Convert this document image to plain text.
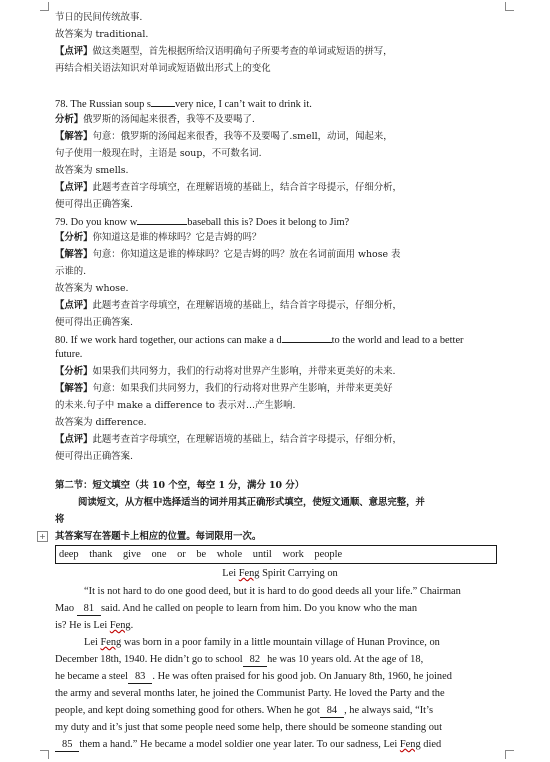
节日的民间传统故事.
故答案为 traditional.
【点评】做这类题型，首先根据所给汉语明确句子所要考查的单词或短语的拼写，
再结合相关语法知识对单词或短语做出形式上的变化
78. The Russian soup s very nice, I can’t wait to drink it.
分析】俄罗斯的汤闻起来很香，我等不及要喝了.
【解答】句意：俄罗斯的汤闻起来很香，我等不及要喝了.smell，动词，闻起来，
句子使用一般现在时，主语是 soup，不可数名词.
故答案为 smells.
【点评】此题考查首字母填空，在理解语境的基础上，结合首字母提示，仔细分析，
便可得出正确答案.
79. Do you know w	baseball this is? Does it belong to Jim?
【分析】你知道这是谁的棒球吗？它是吉姆的吗？
【解答】句意：你知道这是谁的棒球吗？它是吉姆的吗？放在名词前面用 whose 表
示谁的.
故答案为 whose.
【点评】此题考查首字母填空，在理解语境的基础上，结合首字母提示，仔细分析，
便可得出正确答案.
80. If we work hard together, our actions can make a d	to the world and lead to a better
future.
【分析】如果我们共同努力，我们的行动将对世界产生影响，并带来更美好的未来.
【解答】句意：如果我们共同努力，我们的行动将对世界产生影响，并带来更美好
的未来.句子中 make a difference to 表示对...产生影响.
故答案为 difference.
【点评】此题考查首字母填空，在理解语境的基础上，结合首字母提示，仔细分析，
便可得出正确答案.
第二节：短文填空（共 10 个空，每空 1 分，满分 10 分）
阅读短文，从方框中选择适当的词并用其正确形式填空，使短文通顺、意思完整，并
将
其答案写在答题卡上相应的位置。每词限用一次。
+
deep thank give one or be whole until work people
Lei Feng Spirit Carrying on
“It is not hard to do one good deed, but it is hard to do good deeds all your life.” Chairman
Mao 81 said. And he called on people to learn from him. Do you know who the man
is? He is Lei Feng.
Lei Feng was born in a poor family in a little mountain village of Hunan Province, on
December 18th, 1940. He didn’t go to school 82 he was 10 years old. At the age of 18,
he became a steel 83 . He was often praised for his good job. On January 8th, 1960, he joined
the army and several months later, he joined the Communist Party. He loved the Party and the
people, and kept doing something good for others. When he got 84 , he always said, “It’s
my duty and it’s just that some people need some help, there should be someone standing out
85 them a hand.” He became a model soldier one year later. To our sadness, Lei Feng died
